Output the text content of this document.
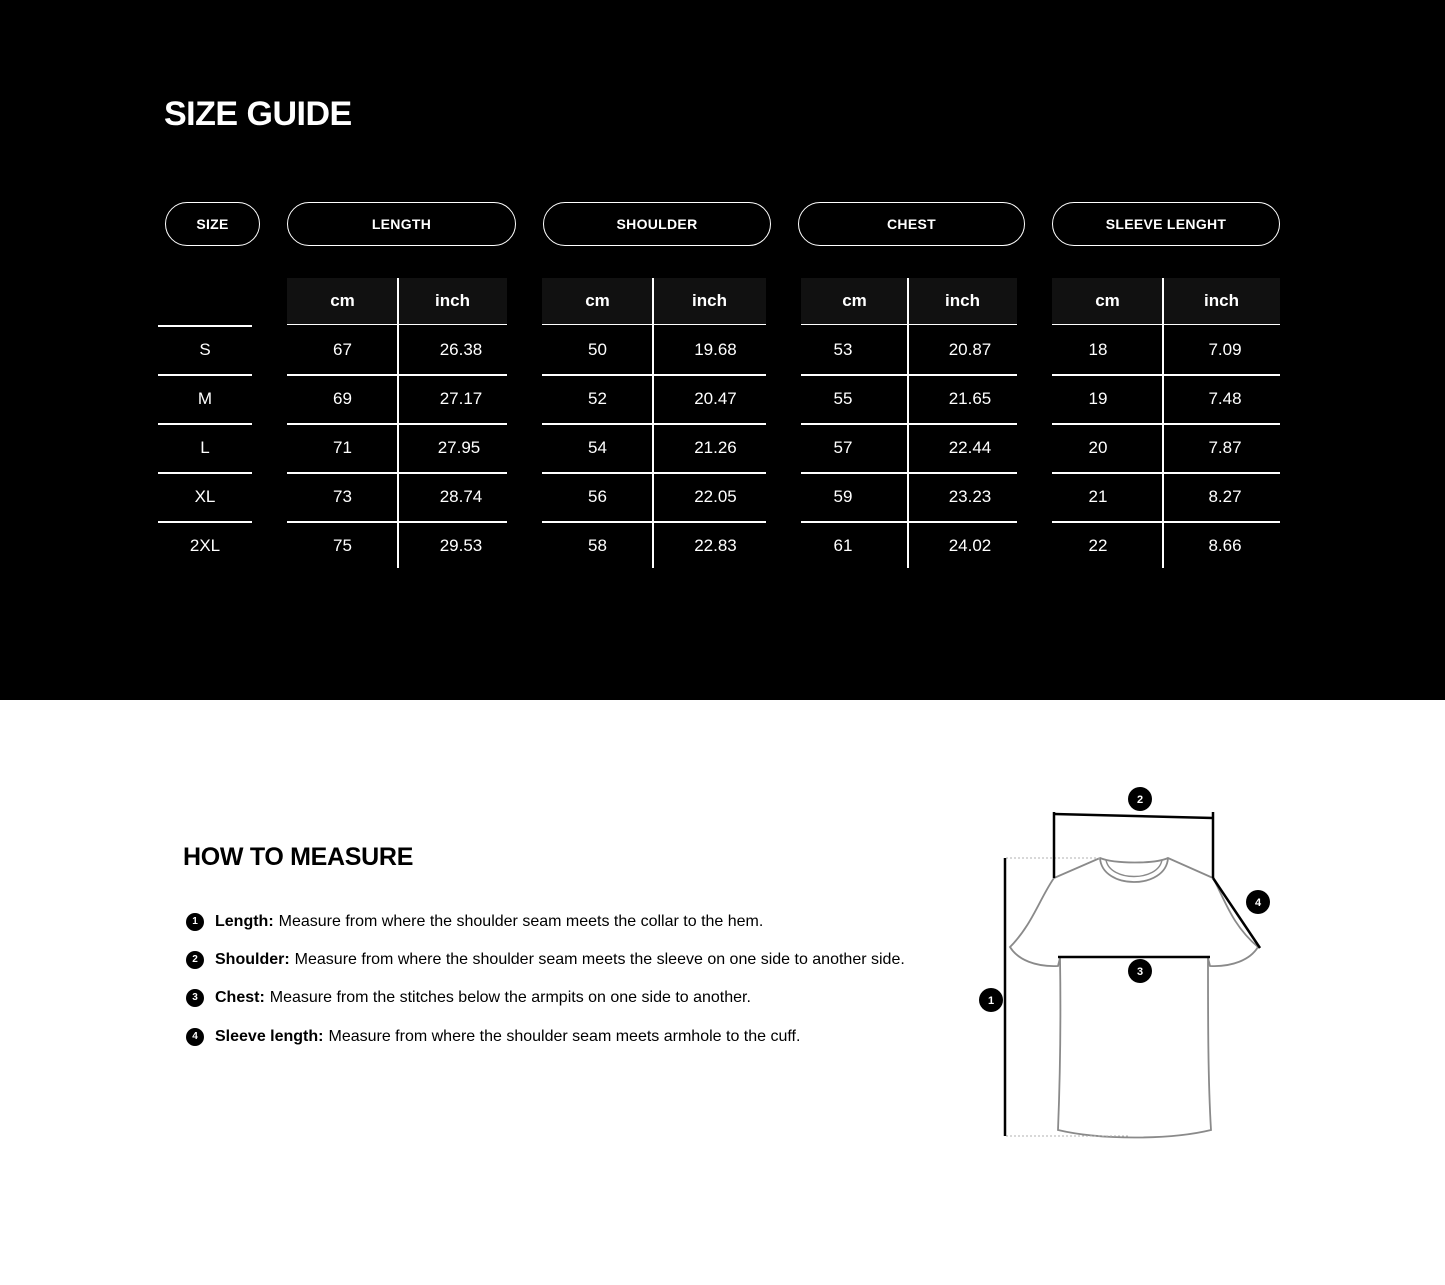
SIZE GUIDE
SIZE	LENGTH	SHOULDER	CHEST	SLEEVE LENGHT
cm	inch	cm	inch	cm	inch	cm	inch
S	67	26.38	50	19.68	53	20.87	18	7.09
M	69	27.17	52	20.47	55	21.65	19	7.48
L	71	27.95	54	21.26	57	22.44	20	7.87
XL	73	28.74	56	22.05	59	23.23	21	8.27
2XL	75	29.53	58	22.83	61	24.02	22	8.66
HOW TO MEASURE
1	Length: Measure from where the shoulder seam meets the collar to the hem.
2	Shoulder: Measure from where the shoulder seam meets the sleeve on one side to another side.
3	Chest: Measure from the stitches below the armpits on one side to another.
4	Sleeve length: Measure from where the shoulder seam meets armhole to the cuff.
2
4
3
1
